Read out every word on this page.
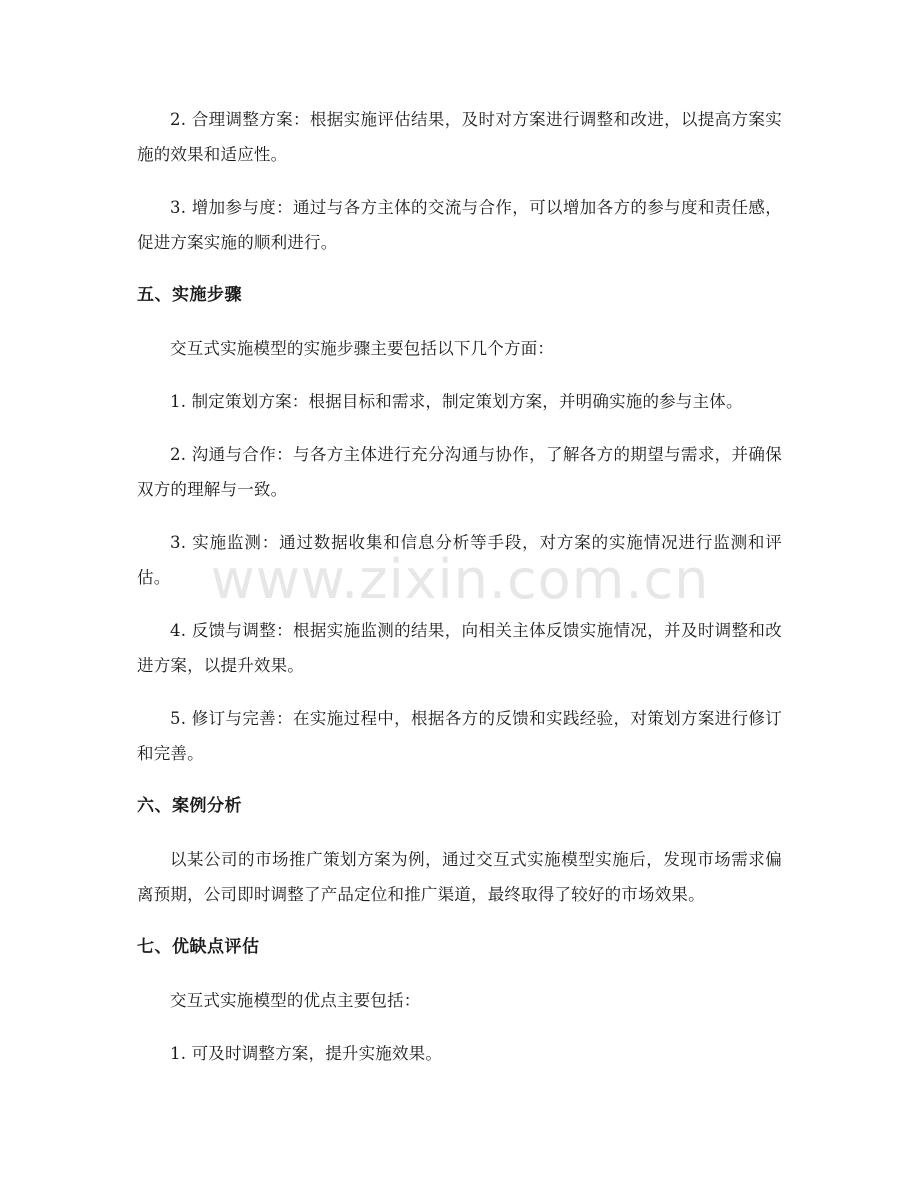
2. 合理调整方案：根据实施评估结果，及时对方案进行调整和改进，以提高方案实施的效果和适应性。

3. 增加参与度：通过与各方主体的交流与合作，可以增加各方的参与度和责任感，促进方案实施的顺利进行。

五、实施步骤

交互式实施模型的实施步骤主要包括以下几个方面：

1. 制定策划方案：根据目标和需求，制定策划方案，并明确实施的参与主体。

2. 沟通与合作：与各方主体进行充分沟通与协作，了解各方的期望与需求，并确保双方的理解与一致。

3. 实施监测：通过数据收集和信息分析等手段，对方案的实施情况进行监测和评估。

4. 反馈与调整：根据实施监测的结果，向相关主体反馈实施情况，并及时调整和改进方案，以提升效果。

5. 修订与完善：在实施过程中，根据各方的反馈和实践经验，对策划方案进行修订和完善。

六、案例分析

以某公司的市场推广策划方案为例，通过交互式实施模型实施后，发现市场需求偏离预期，公司即时调整了产品定位和推广渠道，最终取得了较好的市场效果。

七、优缺点评估

交互式实施模型的优点主要包括：

1. 可及时调整方案，提升实施效果。

www.zixin.com.cn
